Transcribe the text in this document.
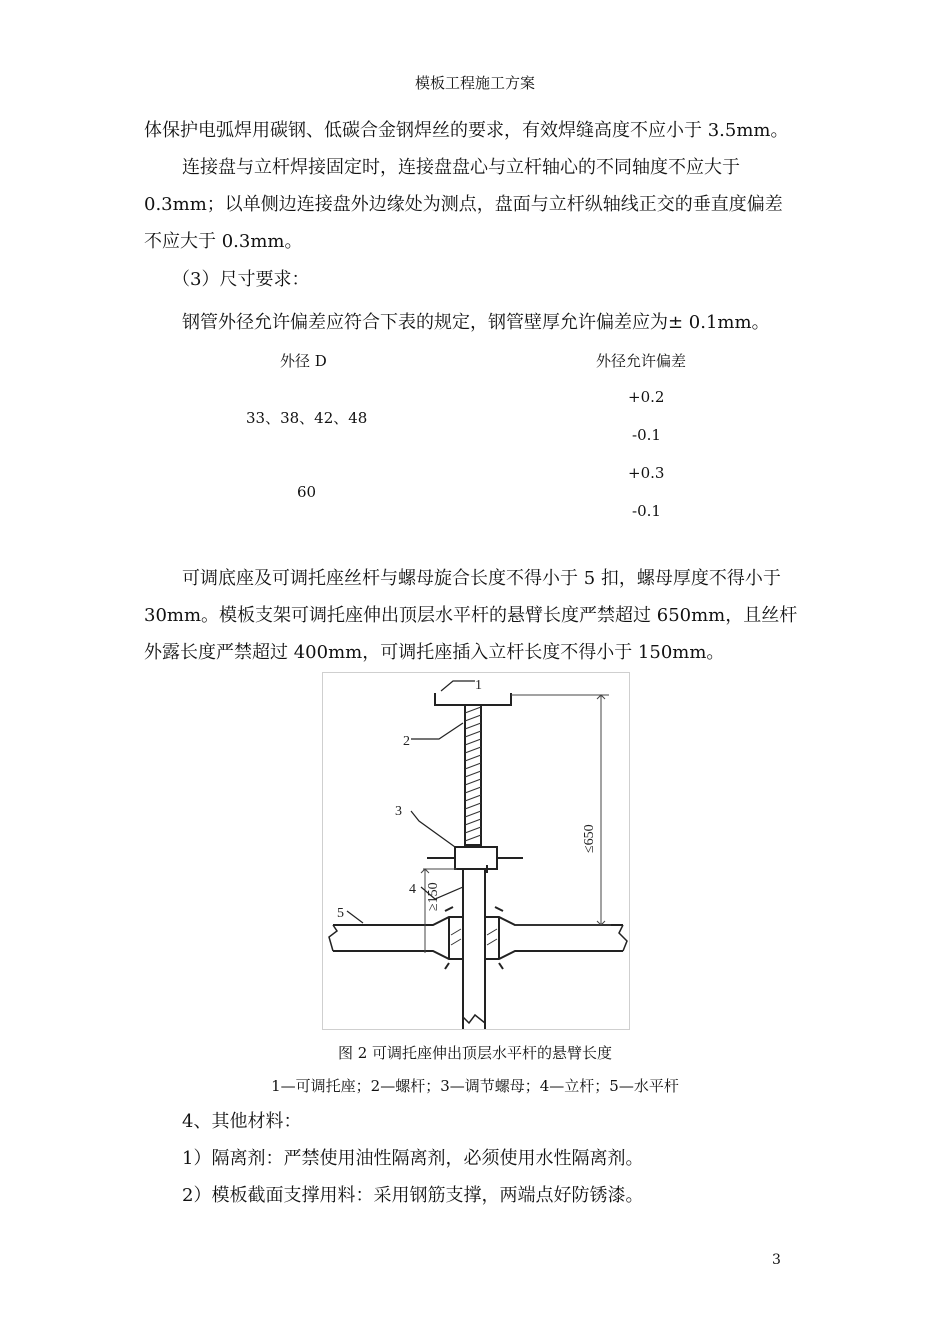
模板工程施工方案
体保护电弧焊用碳钢、低碳合金钢焊丝的要求，有效焊缝高度不应小于 3.5mm。
连接盘与立杆焊接固定时，连接盘盘心与立杆轴心的不同轴度不应大于
0.3mm；以单侧边连接盘外边缘处为测点，盘面与立杆纵轴线正交的垂直度偏差
不应大于 0.3mm。
（3）尺寸要求：
钢管外径允许偏差应符合下表的规定，钢管壁厚允许偏差应为± 0.1mm。
外径 D	外径允许偏差
33、38、42、48
+0.2
-0.1
60
+0.3
-0.1
可调底座及可调托座丝杆与螺母旋合长度不得小于 5 扣，螺母厚度不得小于
30mm。模板支架可调托座伸出顶层水平杆的悬臂长度严禁超过 650mm，且丝杆
外露长度严禁超过 400mm，可调托座插入立杆长度不得小于 150mm。
1
2
3
4
5
≥150
≤650
图 2 可调托座伸出顶层水平杆的悬臂长度
1—可调托座；2—螺杆；3—调节螺母；4—立杆；5—水平杆
4、其他材料：
1）隔离剂：严禁使用油性隔离剂，必须使用水性隔离剂。
2）模板截面支撑用料：采用钢筋支撑，两端点好防锈漆。
3
